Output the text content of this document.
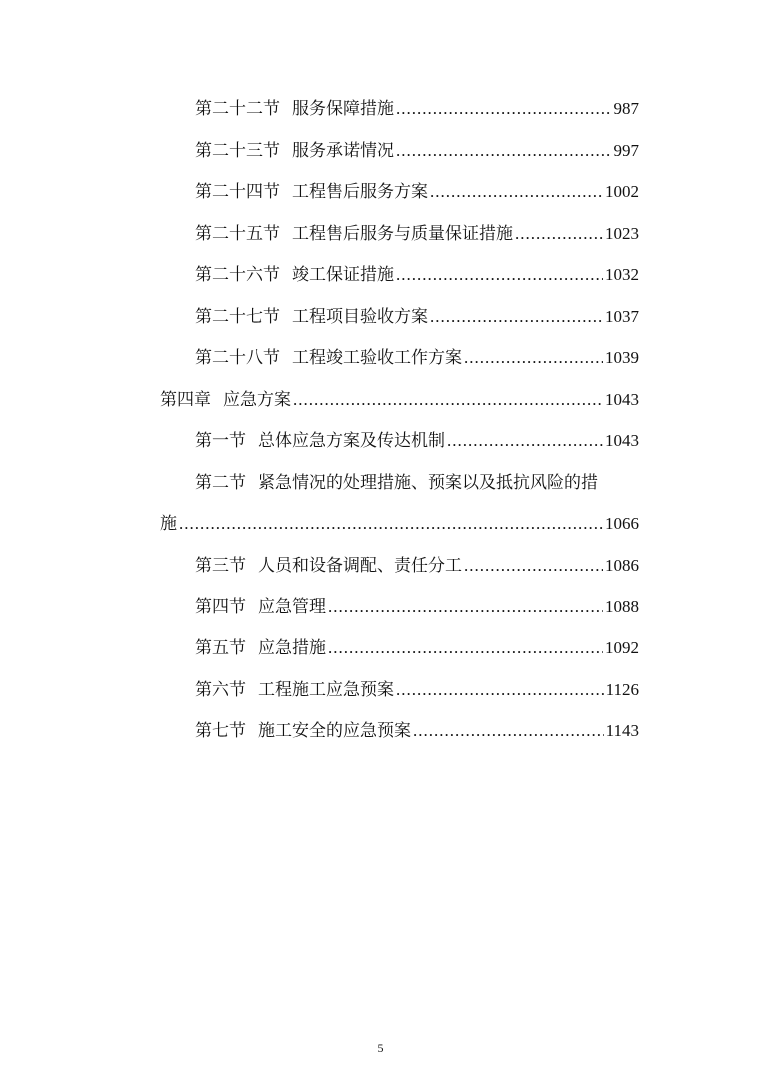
第二十二节 服务保障措施 .....	987
第二十三节 服务承诺情况 .....	997
第二十四节 工程售后服务方案 .....	1002
第二十五节 工程售后服务与质量保证措施 .....	1023
第二十六节 竣工保证措施 .....	1032
第二十七节 工程项目验收方案 .....	1037
第二十八节 工程竣工验收工作方案 .....	1039
第四章 应急方案 .....	1043
第一节 总体应急方案及传达机制 .....	1043
第二节 紧急情况的处理措施、预案以及抵抗风险的措
施 .....	1066
第三节 人员和设备调配、责任分工 .....	1086
第四节 应急管理 .....	1088
第五节 应急措施 .....	1092
第六节 工程施工应急预案 .....	1126
第七节 施工安全的应急预案 .....	1143
5
